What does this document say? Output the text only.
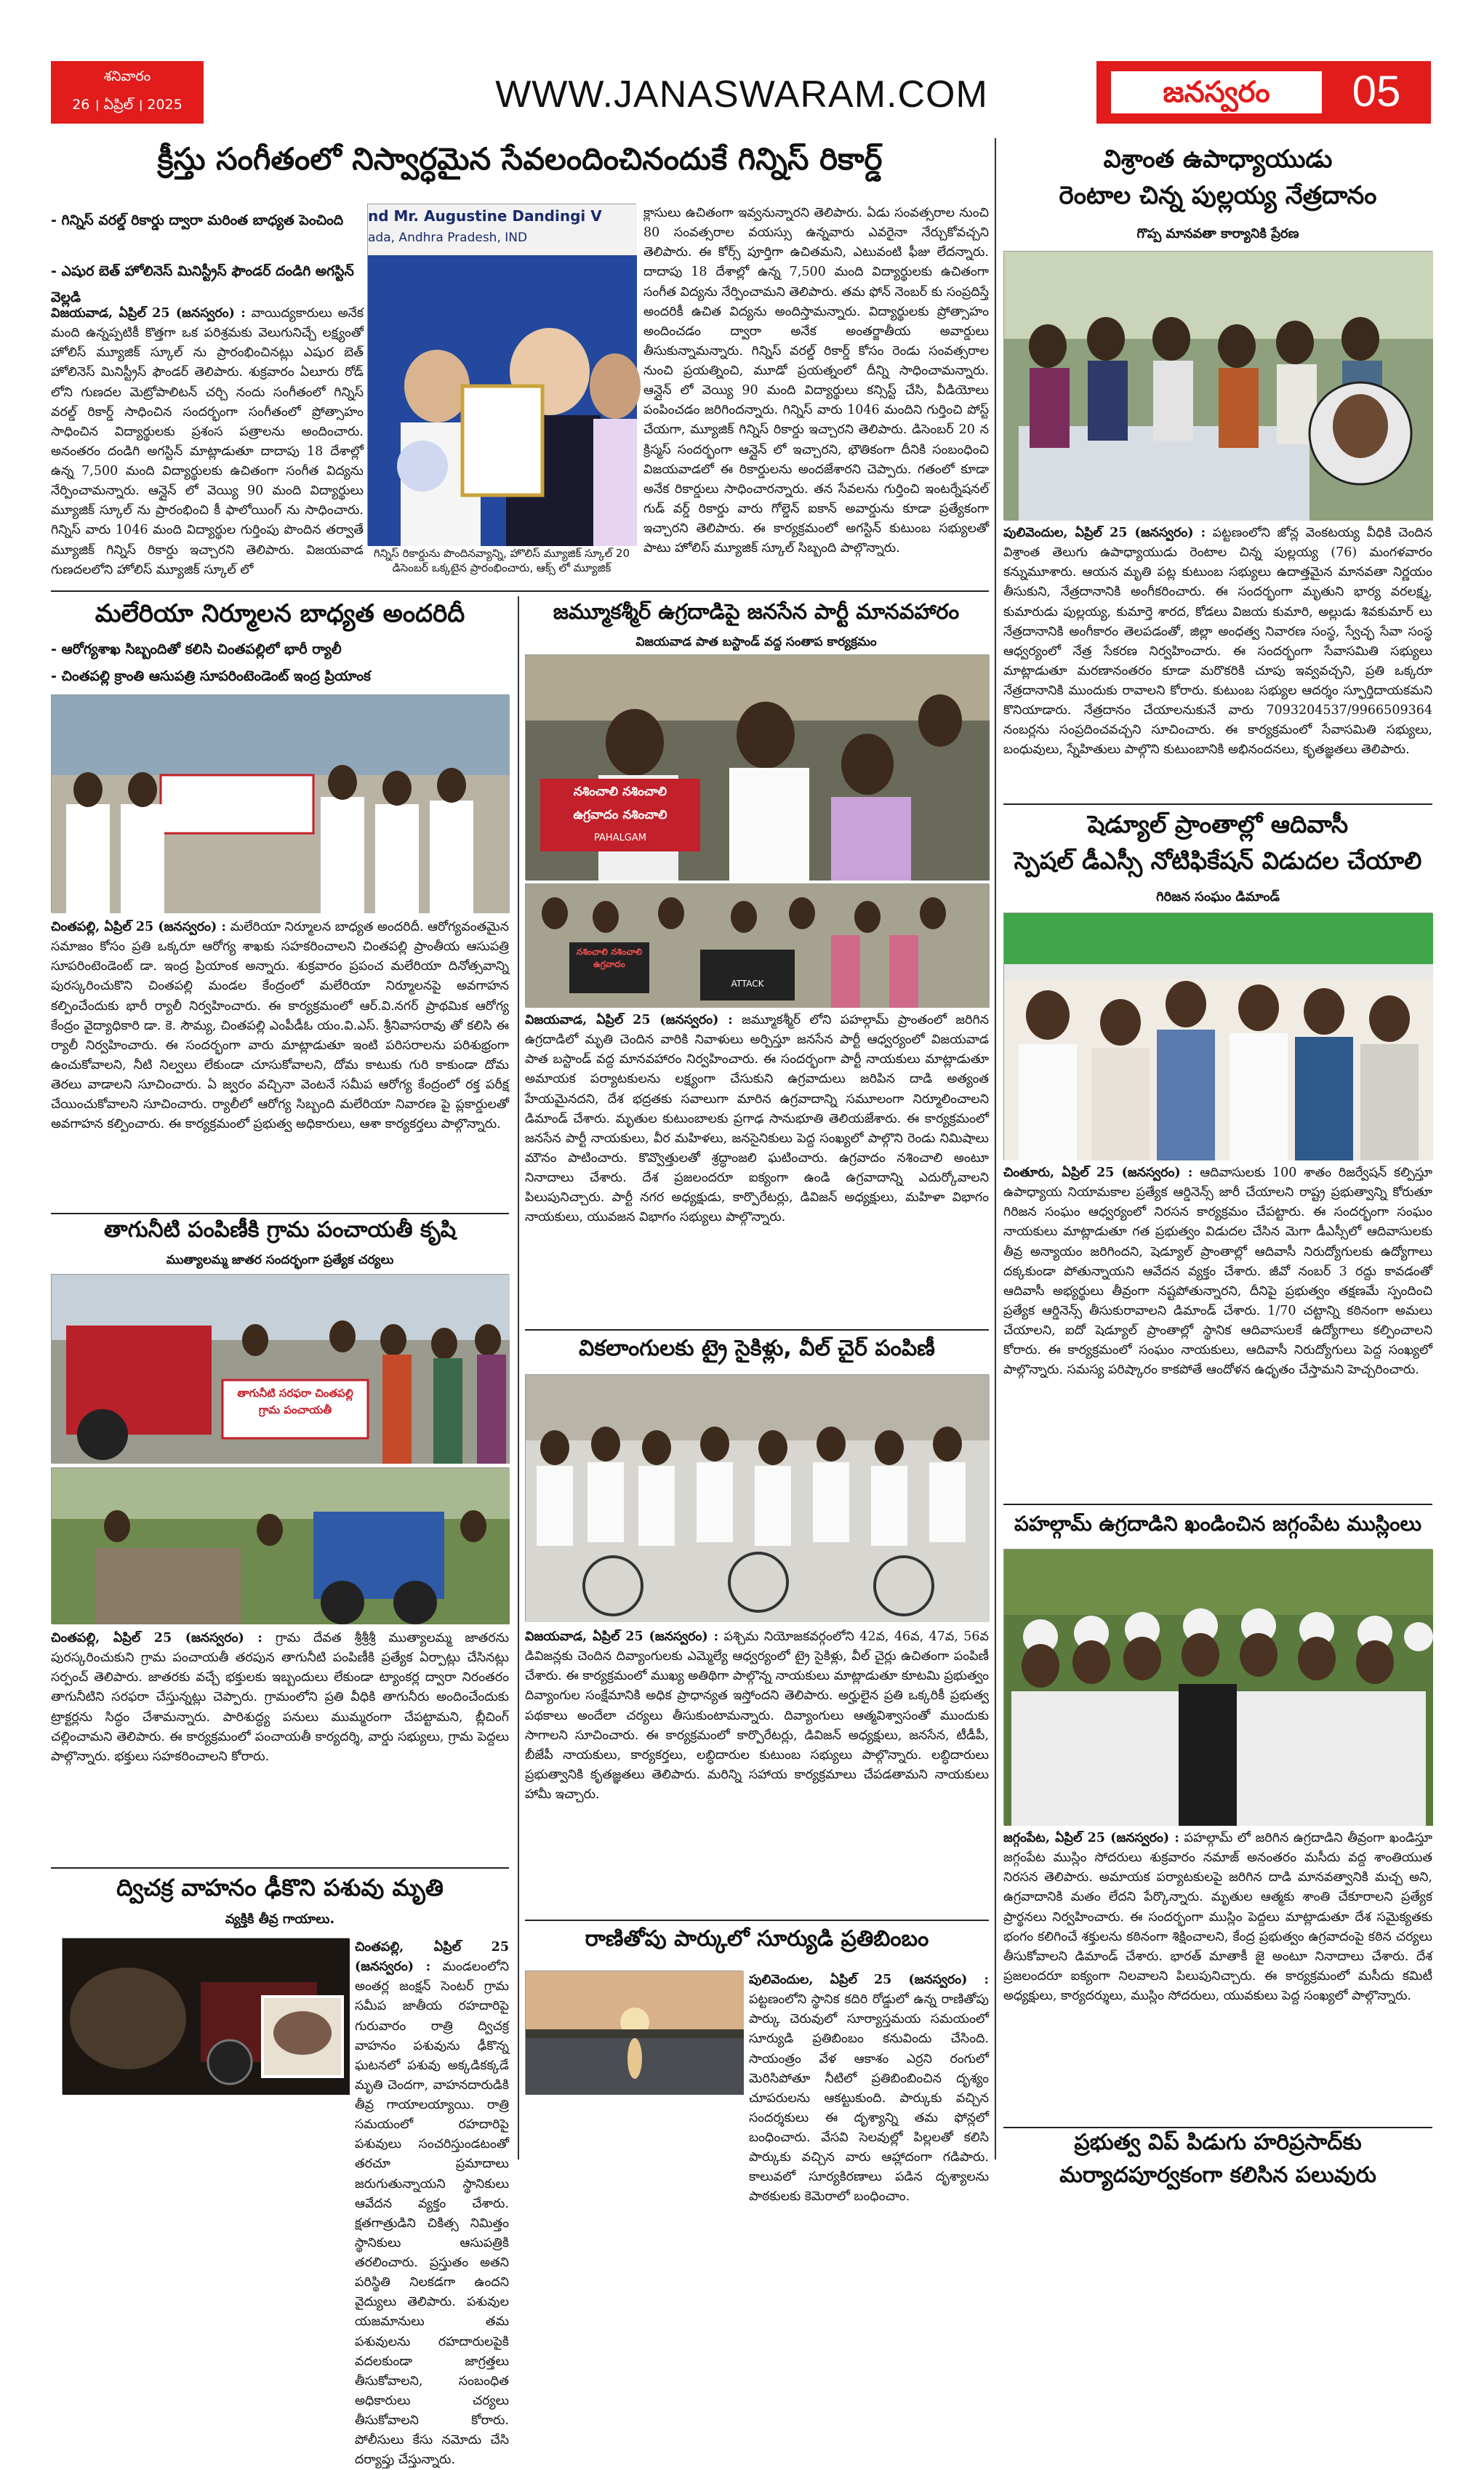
శనివారం
26 । ఏప్రిల్ । 2025	WWW.JANASWARAM.COM	జనస్వరం	05
క్రీస్తు సంగీతంలో నిస్వార్ధమైన సేవలందించినందుకే గిన్నిస్ రికార్డ్
- గిన్నిస్ వరల్డ్ రికార్డు ద్వారా మరింత బాధ్యత పెంచింది
- ఎషుర బెత్ హోలినెస్ మినిస్ట్రీస్ ఫౌండర్ దండిగి అగస్టిన్ వెల్లడి
nd Mr. Augustine Dandingi V
ada, Andhra Pradesh, IND
గిన్నిస్ రికార్డును పొందినవ్యాన్ని, హొలిస్ మ్యూజిక్ స్కూల్ 20 డిసెంబర్ ఒక్కటైన ప్రారంభించారు, ఆక్స్ లో మ్యూజిక్
విజయవాడ, ఏప్రిల్ 25 (జనస్వరం) : వాయిద్యకారులు అనేక మంది ఉన్నప్పటికీ కొత్తగా ఒక పరిశ్రమకు వెలుగునిచ్చే లక్ష్యంతో హోలిస్ మ్యూజిక్ స్కూల్ ను ప్రారంభించినట్లు ఎషుర బెత్ హోలినెస్ మినిస్ట్రీస్ ఫౌండర్ తెలిపారు. శుక్రవారం ఏలూరు రోడ్ లోని గుణదల మెట్రోపాలిటన్ చర్చి నందు సంగీతంలో గిన్నిస్ వరల్డ్ రికార్డ్ సాధించిన సందర్భంగా సంగీతంలో ప్రోత్సాహం సాధించిన విద్యార్థులకు ప్రశంస పత్రాలను అందించారు. అనంతరం దండిగి అగస్టిన్ మాట్లాడుతూ దాదాపు 18 దేశాల్లో ఉన్న 7,500 మంది విద్యార్థులకు ఉచితంగా సంగీత విద్యను నేర్పించామన్నారు. ఆన్లైన్ లో వెయ్యి 90 మంది విద్యార్థులు మ్యూజిక్ స్కూల్ ను ప్రారంభించి కీ ఫాలోయింగ్ ను సాధించారు. గిన్నిస్ వారు 1046 మంది విద్యార్థుల గుర్తింపు పొందిన తర్వాతే మ్యూజిక్ గిన్నిస్ రికార్డు ఇచ్చారని తెలిపారు. విజయవాడ గుణదలలోని హోలిస్ మ్యూజిక్ స్కూల్ లో
క్లాసులు ఉచితంగా ఇవ్వనున్నారని తెలిపారు. ఏడు సంవత్సరాల నుంచి 80 సంవత్సరాల వయస్సు ఉన్నవారు ఎవరైనా నేర్చుకోవచ్చని తెలిపారు. ఈ కోర్స్ పూర్తిగా ఉచితమని, ఎటువంటి ఫీజు లేదన్నారు. దాదాపు 18 దేశాల్లో ఉన్న 7,500 మంది విద్యార్థులకు ఉచితంగా సంగీత విద్యను నేర్పించామని తెలిపారు. తమ ఫోన్ నెంబర్ కు సంప్రదిస్తే అందరికీ ఉచిత విద్యను అందిస్తామన్నారు. విద్యార్థులకు ప్రోత్సాహం అందించడం ద్వారా అనేక అంతర్జాతీయ అవార్డులు తీసుకున్నామన్నారు. గిన్నిస్ వరల్డ్ రికార్డ్ కోసం రెండు సంవత్సరాల నుంచి ప్రయత్నించి, మూడో ప్రయత్నంలో దీన్ని సాధించామన్నారు. ఆన్లైన్ లో వెయ్యి 90 మంది విద్యార్థులు కన్సిస్ట్ చేసి, వీడియోలు పంపించడం జరిగిందన్నారు. గిన్నిస్ వారు 1046 మందిని గుర్తించి పోస్ట్ చేయగా, మ్యూజిక్ గిన్నిస్ రికార్డు ఇచ్చారని తెలిపారు. డిసెంబర్ 20 న క్రిస్మస్ సందర్భంగా ఆన్లైన్ లో ఇచ్చారని, భౌతికంగా దీనికి సంబంధించి విజయవాడలో ఈ రికార్డులను అందజేశారని చెప్పారు. గతంలో కూడా అనేక రికార్డులు సాధించారన్నారు. తన సేవలను గుర్తించి ఇంటర్నేషనల్ గుడ్ వర్డ్ రికార్డు వారు గోల్డెన్ ఐకాన్ అవార్డును కూడా ప్రత్యేకంగా ఇచ్చారని తెలిపారు. ఈ కార్యక్రమంలో అగస్టిన్ కుటుంబ సభ్యులతో పాటు హోలిస్ మ్యూజిక్ స్కూల్ సిబ్బంది పాల్గొన్నారు.
విశ్రాంత ఉపాధ్యాయుడు
రెంటాల చిన్న పుల్లయ్య నేత్రదానం
గొప్ప మానవతా కార్యానికి ప్రేరణ
పులివెందుల, ఏప్రిల్ 25 (జనస్వరం) : పట్టణంలోని జోన్ల వెంకటయ్య వీధికి చెందిన విశ్రాంత తెలుగు ఉపాధ్యాయుడు రెంటాల చిన్న పుల్లయ్య (76) మంగళవారం కన్నుమూశారు. ఆయన మృతి పట్ల కుటుంబ సభ్యులు ఉదాత్తమైన మానవతా నిర్ణయం తీసుకుని, నేత్రదానానికి అంగీకరించారు. ఈ సందర్భంగా మృతుని భార్య వరలక్ష్మ, కుమారుడు పుల్లయ్య, కుమార్తె శారద, కోడలు విజయ కుమారి, అల్లుడు శివకుమార్ లు నేత్రదానానికి అంగీకారం తెలపడంతో, జిల్లా అంధత్వ నివారణ సంస్థ, స్వేచ్ఛ సేవా సంస్థ ఆధ్వర్యంలో నేత్ర సేకరణ నిర్వహించారు. ఈ సందర్భంగా సేవాసమితి సభ్యులు మాట్లాడుతూ మరణానంతరం కూడా మరొకరికి చూపు ఇవ్వవచ్చని, ప్రతి ఒక్కరూ నేత్రదానానికి ముందుకు రావాలని కోరారు. కుటుంబ సభ్యుల ఆదర్శం స్ఫూర్తిదాయకమని కొనియాడారు. నేత్రదానం చేయాలనుకునే వారు 7093204537/9966509364 నంబర్లను సంప్రదించవచ్చని సూచించారు. ఈ కార్యక్రమంలో సేవాసమితి సభ్యులు, బంధువులు, స్నేహితులు పాల్గొని కుటుంబానికి అభినందనలు, కృతజ్ఞతలు తెలిపారు.
షెడ్యూల్ ప్రాంతాల్లో ఆదివాసీ
స్పెషల్ డీఎస్సీ నోటిఫికేషన్ విడుదల చేయాలి
గిరిజన సంఘం డిమాండ్
చింతూరు, ఏప్రిల్ 25 (జనస్వరం) : ఆదివాసులకు 100 శాతం రిజర్వేషన్ కల్పిస్తూ ఉపాధ్యాయ నియామకాల ప్రత్యేక ఆర్డినెన్స్ జారీ చేయాలని రాష్ట్ర ప్రభుత్వాన్ని కోరుతూ గిరిజన సంఘం ఆధ్వర్యంలో నిరసన కార్యక్రమం చేపట్టారు. ఈ సందర్భంగా సంఘం నాయకులు మాట్లాడుతూ గత ప్రభుత్వం విడుదల చేసిన మెగా డీఎస్సీలో ఆదివాసులకు తీవ్ర అన్యాయం జరిగిందని, షెడ్యూల్ ప్రాంతాల్లో ఆదివాసీ నిరుద్యోగులకు ఉద్యోగాలు దక్కకుండా పోతున్నాయని ఆవేదన వ్యక్తం చేశారు. జీవో నంబర్ 3 రద్దు కావడంతో ఆదివాసీ అభ్యర్థులు తీవ్రంగా నష్టపోతున్నారని, దీనిపై ప్రభుత్వం తక్షణమే స్పందించి ప్రత్యేక ఆర్డినెన్స్ తీసుకురావాలని డిమాండ్ చేశారు. 1/70 చట్టాన్ని కఠినంగా అమలు చేయాలని, ఐదో షెడ్యూల్ ప్రాంతాల్లో స్థానిక ఆదివాసులకే ఉద్యోగాలు కల్పించాలని కోరారు. ఈ కార్యక్రమంలో సంఘం నాయకులు, ఆదివాసీ నిరుద్యోగులు పెద్ద సంఖ్యలో పాల్గొన్నారు. సమస్య పరిష్కారం కాకపోతే ఆందోళన ఉధృతం చేస్తామని హెచ్చరించారు.
పహల్గామ్ ఉగ్రదాడిని ఖండించిన జగ్గంపేట ముస్లింలు
జగ్గంపేట, ఏప్రిల్ 25 (జనస్వరం) : పహల్గామ్ లో జరిగిన ఉగ్రదాడిని తీవ్రంగా ఖండిస్తూ జగ్గంపేట ముస్లిం సోదరులు శుక్రవారం నమాజ్ అనంతరం మసీదు వద్ద శాంతియుత నిరసన తెలిపారు. అమాయక పర్యాటకులపై జరిగిన దాడి మానవత్వానికి మచ్చ అని, ఉగ్రవాదానికి మతం లేదని పేర్కొన్నారు. మృతుల ఆత్మకు శాంతి చేకూరాలని ప్రత్యేక ప్రార్థనలు నిర్వహించారు. ఈ సందర్భంగా ముస్లిం పెద్దలు మాట్లాడుతూ దేశ సమైక్యతకు భంగం కలిగించే శక్తులను కఠినంగా శిక్షించాలని, కేంద్ర ప్రభుత్వం ఉగ్రవాదంపై కఠిన చర్యలు తీసుకోవాలని డిమాండ్ చేశారు. భారత్ మాతాకీ జై అంటూ నినాదాలు చేశారు. దేశ ప్రజలందరూ ఐక్యంగా నిలవాలని పిలుపునిచ్చారు. ఈ కార్యక్రమంలో మసీదు కమిటీ అధ్యక్షులు, కార్యదర్శులు, ముస్లిం సోదరులు, యువకులు పెద్ద సంఖ్యలో పాల్గొన్నారు.
ప్రభుత్వ విప్ పిడుగు హరిప్రసాద్‌కు
మర్యాదపూర్వకంగా కలిసిన పలువురు
మలేరియా నిర్మూలన బాధ్యత అందరిదీ
- ఆరోగ్యశాఖ సిబ్బందితో కలిసి చింతపల్లిలో భారీ ర్యాలీ
- చింతపల్లి క్రాంతి ఆసుపత్రి సూపరింటెండెంట్ ఇంద్ర ప్రియాంక
చింతపల్లి, ఏప్రిల్ 25 (జనస్వరం) : మలేరియా నిర్మూలన బాధ్యత అందరిదీ. ఆరోగ్యవంతమైన సమాజం కోసం ప్రతి ఒక్కరూ ఆరోగ్య శాఖకు సహకరించాలని చింతపల్లి ప్రాంతీయ ఆసుపత్రి సూపరింటెండెంట్ డా. ఇంద్ర ప్రియాంక అన్నారు. శుక్రవారం ప్రపంచ మలేరియా దినోత్సవాన్ని పురస్కరించుకొని చింతపల్లి మండల కేంద్రంలో మలేరియా నిర్మూలనపై అవగాహన కల్పించేందుకు భారీ ర్యాలీ నిర్వహించారు. ఈ కార్యక్రమంలో ఆర్.వి.నగర్ ప్రాథమిక ఆరోగ్య కేంద్రం వైద్యాధికారి డా. కె. సౌమ్య, చింతపల్లి ఎంపీడీఓ యం.వి.ఎస్. శ్రీనివాసరావు తో కలిసి ఈ ర్యాలీ నిర్వహించారు. ఈ సందర్భంగా వారు మాట్లాడుతూ ఇంటి పరిసరాలను పరిశుభ్రంగా ఉంచుకోవాలని, నీటి నిల్వలు లేకుండా చూసుకోవాలని, దోమ కాటుకు గురి కాకుండా దోమ తెరలు వాడాలని సూచించారు. ఏ జ్వరం వచ్చినా వెంటనే సమీప ఆరోగ్య కేంద్రంలో రక్త పరీక్ష చేయించుకోవాలని సూచించారు. ర్యాలీలో ఆరోగ్య సిబ్బంది మలేరియా నివారణ పై ప్లకార్డులతో అవగాహన కల్పించారు. ఈ కార్యక్రమంలో ప్రభుత్వ అధికారులు, ఆశా కార్యకర్తలు పాల్గొన్నారు.
తాగునీటి పంపిణీకి గ్రామ పంచాయతీ కృషి
ముత్యాలమ్మ జాతర సందర్భంగా ప్రత్యేక చర్యలు
తాగునీటి సరఫరా చింతపల్లి గ్రామ పంచాయతీ
చింతపల్లి, ఏప్రిల్ 25 (జనస్వరం) : గ్రామ దేవత శ్రీశ్రీశ్రీ ముత్యాలమ్మ జాతరను పురస్కరించుకుని గ్రామ పంచాయతీ తరపున తాగునీటి పంపిణీకి ప్రత్యేక ఏర్పాట్లు చేసినట్లు సర్పంచ్ తెలిపారు. జాతరకు వచ్చే భక్తులకు ఇబ్బందులు లేకుండా ట్యాంకర్ల ద్వారా నిరంతరం తాగునీటిని సరఫరా చేస్తున్నట్లు చెప్పారు. గ్రామంలోని ప్రతి వీధికి తాగునీరు అందించేందుకు ట్రాక్టర్లను సిద్ధం చేశామన్నారు. పారిశుద్ధ్య పనులు ముమ్మరంగా చేపట్టామని, బ్లీచింగ్ చల్లించామని తెలిపారు. ఈ కార్యక్రమంలో పంచాయతీ కార్యదర్శి, వార్డు సభ్యులు, గ్రామ పెద్దలు పాల్గొన్నారు. భక్తులు సహకరించాలని కోరారు.
ద్విచక్ర వాహనం ఢీకొని పశువు మృతి
వ్యక్తికి తీవ్ర గాయాలు.
చింతపల్లి, ఏప్రిల్ 25 (జనస్వరం) : మండలంలోని అంతర్ల జంక్షన్ సెంటర్ గ్రామ సమీప జాతీయ రహదారిపై గురువారం రాత్రి ద్విచక్ర వాహనం పశువును ఢీకొన్న ఘటనలో పశువు అక్కడికక్కడే మృతి చెందగా, వాహనదారుడికి తీవ్ర గాయాలయ్యాయి. రాత్రి సమయంలో రహదారిపై పశువులు సంచరిస్తుండటంతో తరచూ ప్రమాదాలు జరుగుతున్నాయని స్థానికులు ఆవేదన వ్యక్తం చేశారు. క్షతగాత్రుడిని చికిత్స నిమిత్తం స్థానికులు ఆసుపత్రికి తరలించారు. ప్రస్తుతం అతని పరిస్థితి నిలకడగా ఉందని వైద్యులు తెలిపారు. పశువుల యజమానులు తమ పశువులను రహదారులపైకి వదలకుండా జాగ్రత్తలు తీసుకోవాలని, సంబంధిత అధికారులు చర్యలు తీసుకోవాలని కోరారు. పోలీసులు కేసు నమోదు చేసి దర్యాప్తు చేస్తున్నారు.
జమ్మూకశ్మీర్ ఉగ్రదాడిపై జనసేన పార్టీ మానవహారం
విజయవాడ పాత బస్టాండ్ వద్ద సంతాప కార్యక్రమం
నశించాలి నశించాలి
ఉగ్రవాదం నశించాలి
PAHALGAM
నశించాలి నశించాలి ఉగ్రవాదం
ATTACK
విజయవాడ, ఏప్రిల్ 25 (జనస్వరం) : జమ్మూకశ్మీర్ లోని పహల్గామ్ ప్రాంతంలో జరిగిన ఉగ్రదాడిలో మృతి చెందిన వారికి నివాళులు అర్పిస్తూ జనసేన పార్టీ ఆధ్వర్యంలో విజయవాడ పాత బస్టాండ్ వద్ద మానవహారం నిర్వహించారు. ఈ సందర్భంగా పార్టీ నాయకులు మాట్లాడుతూ అమాయక పర్యాటకులను లక్ష్యంగా చేసుకుని ఉగ్రవాదులు జరిపిన దాడి అత్యంత హేయమైనదని, దేశ భద్రతకు సవాలుగా మారిన ఉగ్రవాదాన్ని సమూలంగా నిర్మూలించాలని డిమాండ్ చేశారు. మృతుల కుటుంబాలకు ప్రగాఢ సానుభూతి తెలియజేశారు. ఈ కార్యక్రమంలో జనసేన పార్టీ నాయకులు, వీర మహిళలు, జనసైనికులు పెద్ద సంఖ్యలో పాల్గొని రెండు నిమిషాలు మౌనం పాటించారు. కొవ్వొత్తులతో శ్రద్ధాంజలి ఘటించారు. ఉగ్రవాదం నశించాలి అంటూ నినాదాలు చేశారు. దేశ ప్రజలందరూ ఐక్యంగా ఉండి ఉగ్రవాదాన్ని ఎదుర్కోవాలని పిలుపునిచ్చారు. పార్టీ నగర అధ్యక్షుడు, కార్పొరేటర్లు, డివిజన్ అధ్యక్షులు, మహిళా విభాగం నాయకులు, యువజన విభాగం సభ్యులు పాల్గొన్నారు.
వికలాంగులకు ట్రై సైకిళ్లు, వీల్ చైర్ పంపిణీ
విజయవాడ, ఏప్రిల్ 25 (జనస్వరం) : పశ్చిమ నియోజకవర్గంలోని 42వ, 46వ, 47వ, 56వ డివిజన్లకు చెందిన దివ్యాంగులకు ఎమ్మెల్యే ఆధ్వర్యంలో ట్రై సైకిళ్లు, వీల్ చైర్లు ఉచితంగా పంపిణీ చేశారు. ఈ కార్యక్రమంలో ముఖ్య అతిథిగా పాల్గొన్న నాయకులు మాట్లాడుతూ కూటమి ప్రభుత్వం దివ్యాంగుల సంక్షేమానికి అధిక ప్రాధాన్యత ఇస్తోందని తెలిపారు. అర్హులైన ప్రతి ఒక్కరికీ ప్రభుత్వ పథకాలు అందేలా చర్యలు తీసుకుంటామన్నారు. దివ్యాంగులు ఆత్మవిశ్వాసంతో ముందుకు సాగాలని సూచించారు. ఈ కార్యక్రమంలో కార్పొరేటర్లు, డివిజన్ అధ్యక్షులు, జనసేన, టీడీపీ, బీజేపీ నాయకులు, కార్యకర్తలు, లబ్ధిదారుల కుటుంబ సభ్యులు పాల్గొన్నారు. లబ్ధిదారులు ప్రభుత్వానికి కృతజ్ఞతలు తెలిపారు. మరిన్ని సహాయ కార్యక్రమాలు చేపడతామని నాయకులు హామీ ఇచ్చారు.
రాణితోపు పార్కులో సూర్యుడి ప్రతిబింబం
పులివెందుల, ఏప్రిల్ 25 (జనస్వరం) : పట్టణంలోని స్థానిక కదిరి రోడ్డులో ఉన్న రాణితోపు పార్కు చెరువులో సూర్యాస్తమయ సమయంలో సూర్యుడి ప్రతిబింబం కనువిందు చేసింది. సాయంత్రం వేళ ఆకాశం ఎర్రని రంగులో మెరిసిపోతూ నీటిలో ప్రతిబింబించిన దృశ్యం చూపరులను ఆకట్టుకుంది. పార్కుకు వచ్చిన సందర్శకులు ఈ దృశ్యాన్ని తమ ఫోన్లలో బంధించారు. వేసవి సెలవుల్లో పిల్లలతో కలిసి పార్కుకు వచ్చిన వారు ఆహ్లాదంగా గడిపారు. కాలువలో సూర్యకిరణాలు పడిన దృశ్యాలను పాఠకులకు కెమెరాలో బంధించాం.
